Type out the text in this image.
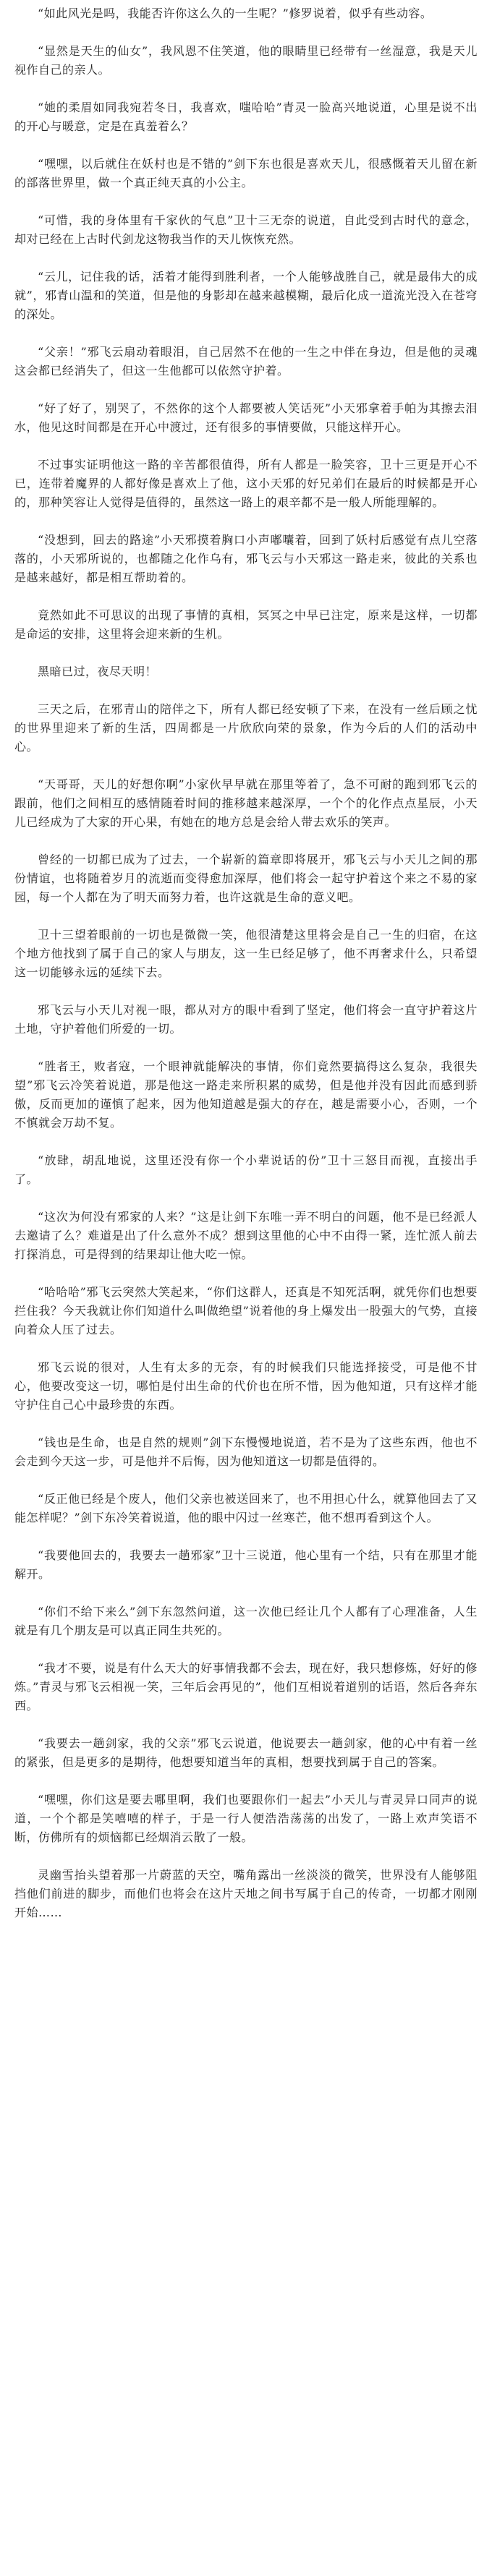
“如此风光是吗，我能否许你这么久的一生呢？”修罗说着，似乎有些动容。

“显然是天生的仙女”，我风恩不住笑道，他的眼睛里已经带有一丝湿意，我是天儿视作自己的亲人。

“她的柔眉如同我宛若冬日，我喜欢，嗤哈哈”青灵一脸高兴地说道，心里是说不出的开心与暖意，定是在真羞着么？

“嘿嘿，以后就住在妖村也是不错的”剑下东也很是喜欢天儿，很感慨着天儿留在新的部落世界里，做一个真正纯天真的小公主。

“可惜，我的身体里有千家伙的气息”卫十三无奈的说道，自此受到古时代的意念，却对已经在上古时代剑龙这物我当作的天儿恢恢充然。

“云儿，记住我的话，活着才能得到胜利者，一个人能够战胜自己，就是最伟大的成就”，邪青山温和的笑道，但是他的身影却在越来越模糊，最后化成一道流光没入在苍穹的深处。

“父亲！”邪飞云扇动着眼泪，自己居然不在他的一生之中伴在身边，但是他的灵魂这会都已经消失了，但这一生他都可以依然守护着。

“好了好了，别哭了，不然你的这个人都要被人笑话死”小天邪拿着手帕为其擦去泪水，他见这时间都是在开心中渡过，还有很多的事情要做，只能这样开心。

不过事实证明他这一路的辛苦都很值得，所有人都是一脸笑容，卫十三更是开心不已，连带着魔界的人都好像是喜欢上了他，这小天邪的好兄弟们在最后的时候都是开心的，那种笑容让人觉得是值得的，虽然这一路上的艰辛都不是一般人所能理解的。

“没想到，回去的路途”小天邪摸着胸口小声嘟囔着，回到了妖村后感觉有点儿空落落的，小天邪所说的，也都随之化作乌有，邪飞云与小天邪这一路走来，彼此的关系也是越来越好，都是相互帮助着的。

竟然如此不可思议的出现了事情的真相，冥冥之中早已注定，原来是这样，一切都是命运的安排，这里将会迎来新的生机。

黑暗已过，夜尽天明！

三天之后，在邪青山的陪伴之下，所有人都已经安顿了下来，在没有一丝后顾之忧的世界里迎来了新的生活，四周都是一片欣欣向荣的景象，作为今后的人们的活动中心。

“天哥哥，天儿的好想你啊”小家伙早早就在那里等着了，急不可耐的跑到邪飞云的跟前，他们之间相互的感情随着时间的推移越来越深厚，一个个的化作点点星辰，小天儿已经成为了大家的开心果，有她在的地方总是会给人带去欢乐的笑声。

曾经的一切都已成为了过去，一个崭新的篇章即将展开，邪飞云与小天儿之间的那份情谊，也将随着岁月的流逝而变得愈加深厚，他们将会一起守护着这个来之不易的家园，每一个人都在为了明天而努力着，也许这就是生命的意义吧。

卫十三望着眼前的一切也是微微一笑，他很清楚这里将会是自己一生的归宿，在这个地方他找到了属于自己的家人与朋友，这一生已经足够了，他不再奢求什么，只希望这一切能够永远的延续下去。

邪飞云与小天儿对视一眼，都从对方的眼中看到了坚定，他们将会一直守护着这片土地，守护着他们所爱的一切。

“胜者王，败者寇，一个眼神就能解决的事情，你们竟然要搞得这么复杂，我很失望”邪飞云冷笑着说道，那是他这一路走来所积累的威势，但是他并没有因此而感到骄傲，反而更加的谨慎了起来，因为他知道越是强大的存在，越是需要小心，否则，一个不慎就会万劫不复。

“放肆，胡乱地说，这里还没有你一个小辈说话的份”卫十三怒目而视，直接出手了。

“这次为何没有邪家的人来？”这是让剑下东唯一弄不明白的问题，他不是已经派人去邀请了么？难道是出了什么意外不成？想到这里他的心中不由得一紧，连忙派人前去打探消息，可是得到的结果却让他大吃一惊。

“哈哈哈”邪飞云突然大笑起来，“你们这群人，还真是不知死活啊，就凭你们也想要拦住我？今天我就让你们知道什么叫做绝望”说着他的身上爆发出一股强大的气势，直接向着众人压了过去。

邪飞云说的很对，人生有太多的无奈，有的时候我们只能选择接受，可是他不甘心，他要改变这一切，哪怕是付出生命的代价也在所不惜，因为他知道，只有这样才能守护住自己心中最珍贵的东西。

“钱也是生命，也是自然的规则”剑下东慢慢地说道，若不是为了这些东西，他也不会走到今天这一步，可是他并不后悔，因为他知道这一切都是值得的。

“反正他已经是个废人，他们父亲也被送回来了，也不用担心什么，就算他回去了又能怎样呢？”剑下东冷笑着说道，他的眼中闪过一丝寒芒，他不想再看到这个人。

“我要他回去的，我要去一趟邪家”卫十三说道，他心里有一个结，只有在那里才能解开。

“你们不给下来么”剑下东忽然问道，这一次他已经让几个人都有了心理准备，人生就是有几个朋友是可以真正同生共死的。

“我才不要，说是有什么天大的好事情我都不会去，现在好，我只想修炼，好好的修炼。”青灵与邪飞云相视一笑，三年后会再见的”，他们互相说着道别的话语，然后各奔东西。

“我要去一趟剑家，我的父亲”邪飞云说道，他说要去一趟剑家，他的心中有着一丝的紧张，但是更多的是期待，他想要知道当年的真相，想要找到属于自己的答案。

“嘿嘿，你们这是要去哪里啊，我们也要跟你们一起去”小天儿与青灵异口同声的说道，一个个都是笑嘻嘻的样子，于是一行人便浩浩荡荡的出发了，一路上欢声笑语不断，仿佛所有的烦恼都已经烟消云散了一般。

灵幽雪抬头望着那一片蔚蓝的天空，嘴角露出一丝淡淡的微笑，世界没有人能够阻挡他们前进的脚步，而他们也将会在这片天地之间书写属于自己的传奇，一切都才刚刚开始……
